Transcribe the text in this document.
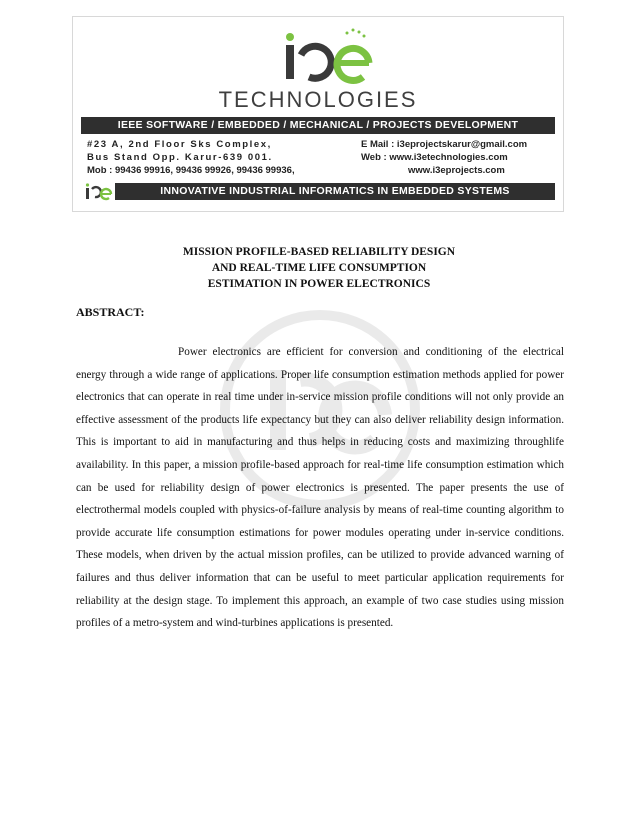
TECHNOLOGIES
IEEE SOFTWARE / EMBEDDED / MECHANICAL / PROJECTS DEVELOPMENT
#23 A, 2nd Floor Sks Complex,
Bus Stand Opp. Karur-639 001.
Mob : 99436 99916, 99436 99926, 99436 99936,
E Mail : i3eprojectskarur@gmail.com
Web : www.i3etechnologies.com
www.i3eprojects.com
INNOVATIVE INDUSTRIAL INFORMATICS IN EMBEDDED SYSTEMS
MISSION PROFILE-BASED RELIABILITY DESIGN
AND REAL-TIME LIFE CONSUMPTION
ESTIMATION IN POWER ELECTRONICS
ABSTRACT:

Power electronics are efficient for conversion and conditioning of the electrical energy through a wide range of applications. Proper life consumption estimation methods applied for power electronics that can operate in real time under in-service mission profile conditions will not only provide an effective assessment of the products life expectancy but they can also deliver reliability design information. This is important to aid in manufacturing and thus helps in reducing costs and maximizing throughlife availability. In this paper, a mission profile-based approach for real-time life consumption estimation which can be used for reliability design of power electronics is presented. The paper presents the use of electrothermal models coupled with physics-of-failure analysis by means of real-time counting algorithm to provide accurate life consumption estimations for power modules operating under in-service conditions. These models, when driven by the actual mission profiles, can be utilized to provide advanced warning of failures and thus deliver information that can be useful to meet particular application requirements for reliability at the design stage. To implement this approach, an example of two case studies using mission profiles of a metro-system and wind-turbines applications is presented.
